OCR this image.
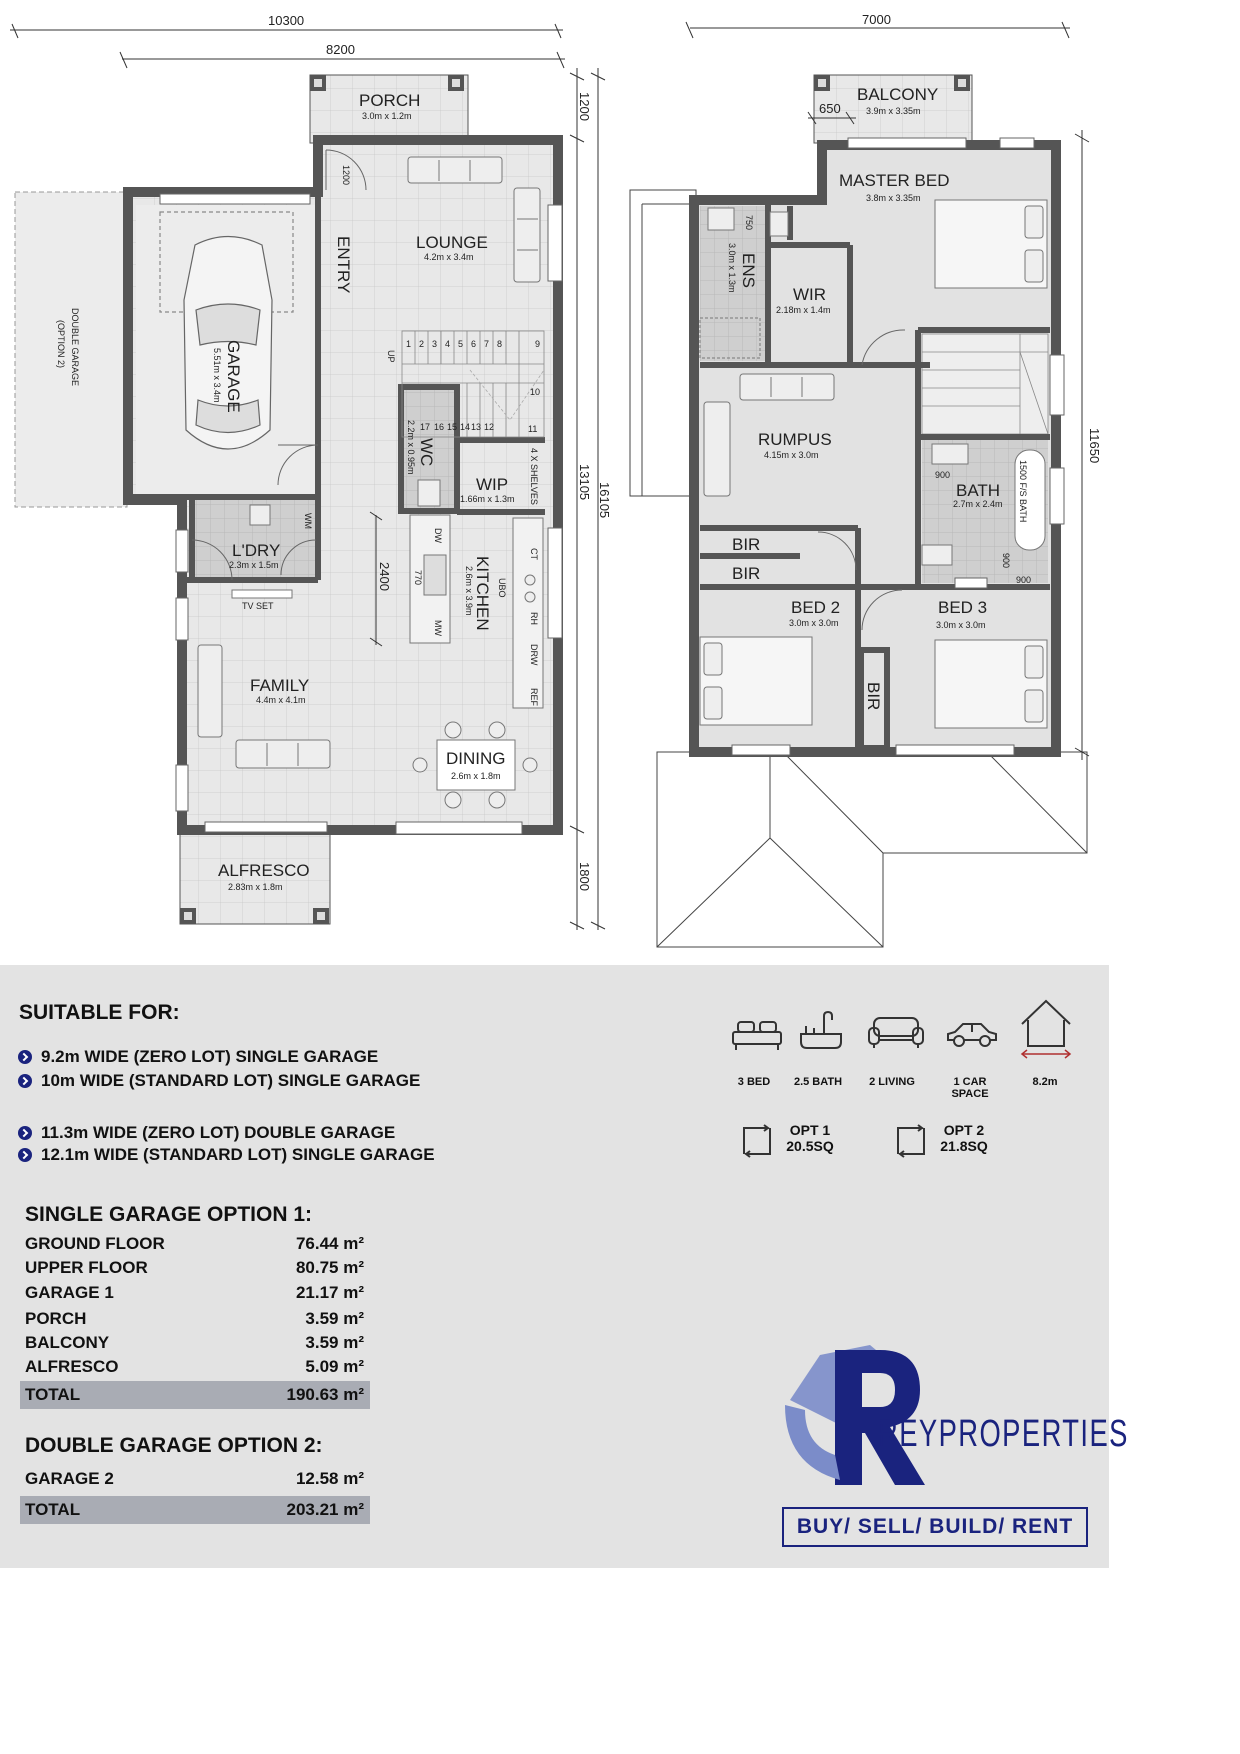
1 2 3 4 5 6 7 8	9
10
11
12
13
14
15
16
17
10300
8200
1200
13105 16105
1800
2400
PORCH
3.0m x 1.2m
LOUNGE
4.2m x 3.4m
ENTRY
GARAGE
5.51m x 3.4m
DOUBLE GARAGE
(OPTION 2)
WC
2.2m x 0.95m
WIP
1.66m x 1.3m
L'DRY
2.3m x 1.5m	KITCHEN
2.6m x 3.9m
FAMILY
4.4m x 4.1m
DINING
2.6m x 1.8m
ALFRESCO
2.83m x 1.8m
1200
UP
4 X SHELVES
WM
TV SET
DW
770
MW
UBO
CT
RH
DRW
REF
7000
11650
650
BALCONY
3.9m x 3.35m
MASTER BED
3.8m x 3.35m
ENS
3.0m x 1.3m
WIR
2.18m x 1.4m
RUMPUS
4.15m x 3.0m
BATH
2.7m x 2.4m
BIR
BIR
BIR
BED 2
3.0m x 3.0m
BED 3
3.0m x 3.0m
750
900
900
900
1500 F/S BATH
SUITABLE FOR:
9.2m WIDE (ZERO LOT) SINGLE GARAGE
10m WIDE (STANDARD LOT) SINGLE GARAGE
11.3m WIDE (ZERO LOT) DOUBLE GARAGE
12.1m WIDE (STANDARD LOT) SINGLE GARAGE
SINGLE GARAGE OPTION 1:
GROUND FLOOR	76.44 m²
UPPER FLOOR	80.75 m²
GARAGE 1	21.17 m²
PORCH	3.59 m²
BALCONY	3.59 m²
ALFRESCO	5.09 m²
TOTAL	190.63 m²
DOUBLE GARAGE OPTION 2:
GARAGE 2	12.58 m²
TOTAL	203.21 m²
3 BED	2.5 BATH	2 LIVING	1 CAR SPACE
8.2m
OPT 1
20.5SQ
OPT 2
21.8SQ
REYPROPERTIES
BUY/ SELL/ BUILD/ RENT
